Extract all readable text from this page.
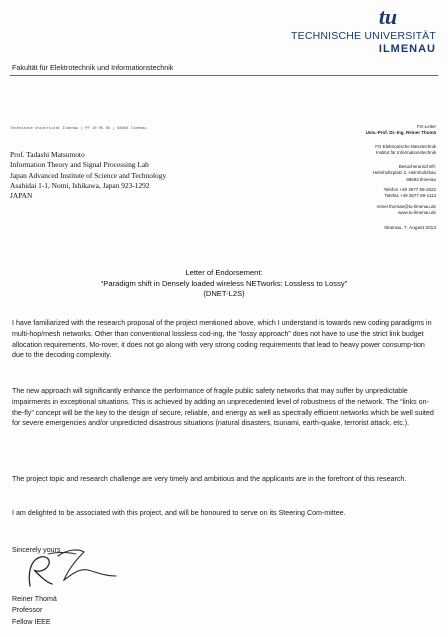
tu
TECHNISCHE UNIVERSITÄT
ILMENAU
Fakultät für Elektrotechnik und Informationstechnik
Technische Universität Ilmenau | PF 10 05 65 | 98684 Ilmenau
Prof. Tadashi Matsumoto
Information Theory and Signal Processing Lab
Japan Advanced Institute of Science and Technology
Asahidai 1-1, Nomi, Ishikawa, Japan 923-1292
JAPAN
FG-Leiter
Univ.-Prof. Dr.-Ing. Reiner Thomä
FG Elektronische Messtechnik
Institut für Informationstechnik
Besucheranschrift:
Helmholtzplatz 2, Helmholtzbau
98693 Ilmenau
Telefon +49 3677 69-2622
Telefax +49 3677 69-1113
reiner.thomae@tu-ilmenau.de
www.tu-ilmenau.de
Ilmenau, 7. August 2013
Letter of Endorsement:
“Paradigm shift in Densely loaded wireless NETworks: Lossless to Lossy”
(DNET-L2S)
I have familiarized with the research proposal of the project mentioned above, which I understand is towards new coding paradigms in multi-hop/mesh networks. Other than conventional lossless cod-ing, the “lossy approach” does not have to use the strict link budget allocation requirements. Mo-rover, it does not go along with very strong coding requirements that lead to heavy power consump-tion due to the decoding complexity.
The new approach will significantly enhance the performance of fragile public safety networks that may suffer by unpredictable impairments in exceptional situations. This is achieved by adding an unprecedented level of robustness of the network. The “links on-the-fly” concept will be the key to the design of secure, reliable, and energy as well as spectrally efficient networks which be well suited for severe emergencies and/or unpredicted disastrous situations (natural disasters, tsunami, earth-quake, terrorist attack, etc.).
The project topic and research challenge are very timely and ambitious and the applicants are in the forefront of this research.
I am delighted to be associated with this project, and will be honoured to serve on its Steering Com-mittee.
Sincerely yours
Reiner Thomä
Professor
Fellow IEEE
